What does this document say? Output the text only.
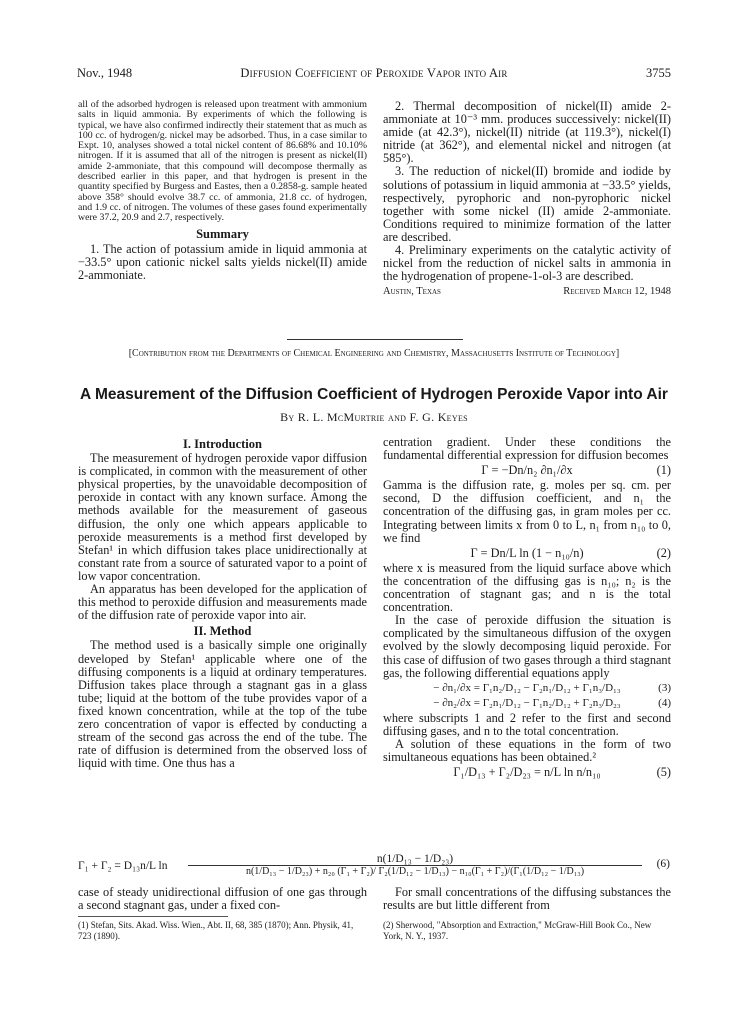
Nov., 1948	Diffusion Coefficient of Peroxide Vapor into Air	3755

all of the adsorbed hydrogen is released upon treatment with ammonium salts in liquid ammonia. By experiments of which the following is typical, we have also confirmed indirectly their statement that as much as 100 cc. of hydrogen/g. nickel may be adsorbed. Thus, in a case similar to Expt. 10, analyses showed a total nickel content of 86.68% and 10.10% nitrogen. If it is assumed that all of the nitrogen is present as nickel(II) amide 2-ammoniate, that this compound will decompose thermally as described earlier in this paper, and that hydrogen is present in the quantity specified by Burgess and Eastes, then a 0.2858-g. sample heated above 358° should evolve 38.7 cc. of ammonia, 21.8 cc. of hydrogen, and 1.9 cc. of nitrogen. The volumes of these gases found experimentally were 37.2, 20.9 and 2.7, respectively.

Summary

1. The action of potassium amide in liquid ammonia at −33.5° upon cationic nickel salts yields nickel(II) amide 2-ammoniate.

2. Thermal decomposition of nickel(II) amide 2-ammoniate at 10⁻³ mm. produces successively: nickel(II) amide (at 42.3°), nickel(II) nitride (at 119.3°), nickel(I) nitride (at 362°), and elemental nickel and nitrogen (at 585°).

3. The reduction of nickel(II) bromide and iodide by solutions of potassium in liquid ammonia at −33.5° yields, respectively, pyrophoric and non-pyrophoric nickel together with some nickel (II) amide 2-ammoniate. Conditions required to minimize formation of the latter are described.

4. Preliminary experiments on the catalytic activity of nickel from the reduction of nickel salts in ammonia in the hydrogenation of propene-1-ol-3 are described.

Austin, Texas	Received March 12, 1948
[Contribution from the Departments of Chemical Engineering and Chemistry, Massachusetts Institute of Technology]
A Measurement of the Diffusion Coefficient of Hydrogen Peroxide Vapor into Air
By R. L. McMurtrie and F. G. Keyes
I. Introduction

The measurement of hydrogen peroxide vapor diffusion is complicated, in common with the measurement of other physical properties, by the unavoidable decomposition of peroxide in contact with any known surface. Among the methods available for the measurement of gaseous diffusion, the only one which appears applicable to peroxide measurements is a method first developed by Stefan¹ in which diffusion takes place unidirectionally at constant rate from a source of saturated vapor to a point of low vapor concentration.

An apparatus has been developed for the application of this method to peroxide diffusion and measurements made of the diffusion rate of peroxide vapor into air.

II. Method

The method used is a basically simple one originally developed by Stefan¹ applicable where one of the diffusing components is a liquid at ordinary temperatures. Diffusion takes place through a stagnant gas in a glass tube; liquid at the bottom of the tube provides vapor of a fixed known concentration, while at the top of the tube zero concentration of vapor is effected by conducting a stream of the second gas across the end of the tube. The rate of diffusion is determined from the observed loss of liquid with time. One thus has a

centration gradient. Under these conditions the fundamental differential expression for diffusion becomes

Γ = −Dn/n₂ ∂n₁/∂x	(1)

Gamma is the diffusion rate, g. moles per sq. cm. per second, D the diffusion coefficient, and n₁ the concentration of the diffusing gas, in gram moles per cc. Integrating between limits x from 0 to L, n₁ from n₁₀ to 0, we find

Γ = Dn/L ln (1 − n₁₀/n)	(2)

where x is measured from the liquid surface above which the concentration of the diffusing gas is n₁₀; n₂ is the concentration of stagnant gas; and n is the total concentration.

In the case of peroxide diffusion the situation is complicated by the simultaneous diffusion of the oxygen evolved by the slowly decomposing liquid peroxide. For this case of diffusion of two gases through a third stagnant gas, the following differential equations apply

− ∂n₁/∂x = Γ₁n₂/D₁₂ − Γ₂n₁/D₁₂ + Γ₁n₃/D₁₃	(3)
− ∂n₂/∂x = Γ₂n₁/D₁₂ − Γ₁n₂/D₁₂ + Γ₂n₃/D₂₃	(4)

where subscripts 1 and 2 refer to the first and second diffusing gases, and n to the total concentration.

A solution of these equations in the form of two simultaneous equations has been obtained.²

Γ₁/D₁₃ + Γ₂/D₂₃ = n/L ln n/n₁₀	(5)
Γ₁ + Γ₂ = D₁₃n/L ln
n(1/D₁₃ − 1/D₂₃)
n(1/D₁₃ − 1/D₂₃) + n₂₀ (Γ₁ + Γ₂)/ Γ₂(1/D₁₂ − 1/D₁₃) − n₁₀(Γ₁ + Γ₂)/(Γ₁(1/D₁₂ − 1/D₁₃)
(6)

case of steady unidirectional diffusion of one gas through a second stagnant gas, under a fixed con-

For small concentrations of the diffusing substances the results are but little different from

(1) Stefan, Sits. Akad. Wiss. Wien., Abt. II, 68, 385 (1870); Ann. Physik, 41, 723 (1890).
(2) Sherwood, "Absorption and Extraction," McGraw-Hill Book Co., New York, N. Y., 1937.
